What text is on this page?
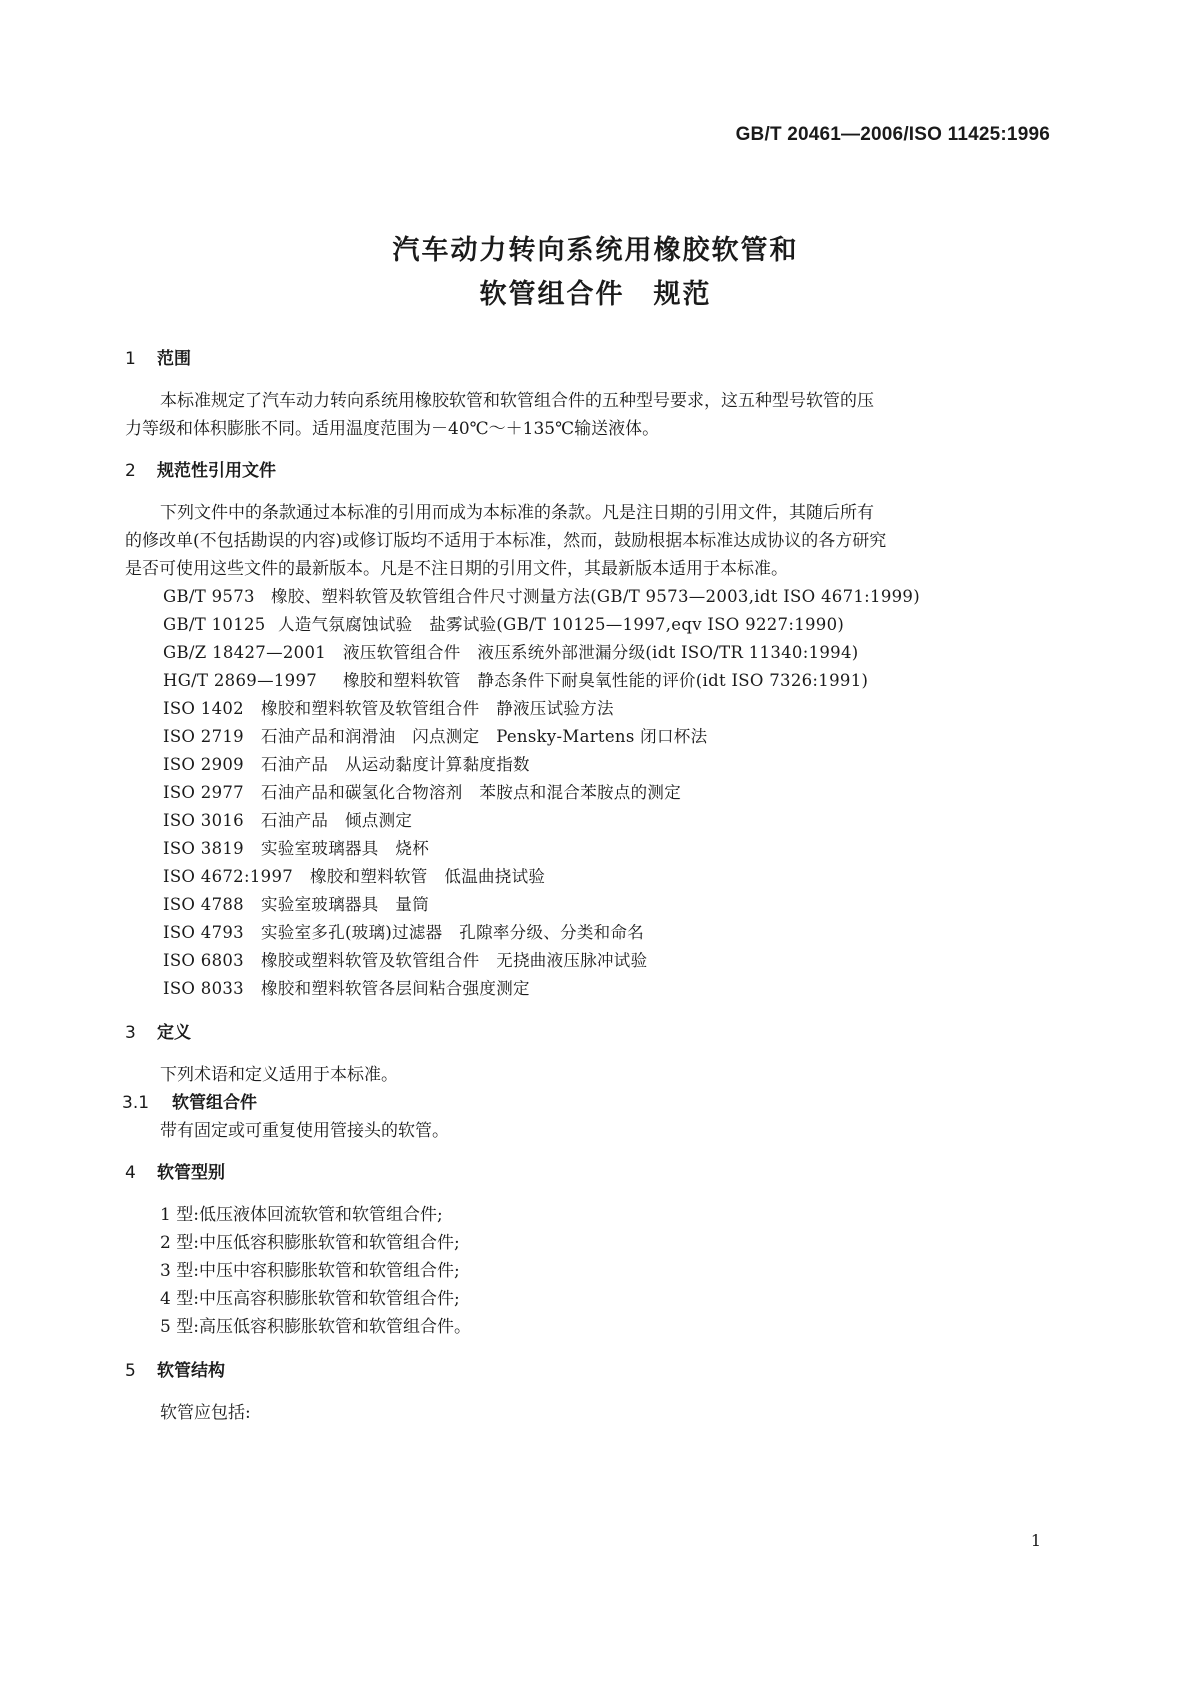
GB/T 20461—2006/ISO 11425:1996
汽车动力转向系统用橡胶软管和
软管组合件　规范
1 范围
本标准规定了汽车动力转向系统用橡胶软管和软管组合件的五种型号要求，这五种型号软管的压
力等级和体积膨胀不同。适用温度范围为－40℃～＋135℃输送液体。
2 规范性引用文件
下列文件中的条款通过本标准的引用而成为本标准的条款。凡是注日期的引用文件，其随后所有
的修改单(不包括勘误的内容)或修订版均不适用于本标准，然而，鼓励根据本标准达成协议的各方研究
是否可使用这些文件的最新版本。凡是不注日期的引用文件，其最新版本适用于本标准。
GB/T 9573 橡胶、塑料软管及软管组合件尺寸测量方法(GB/T 9573—2003,idt ISO 4671:1999)
GB/T 10125 人造气氛腐蚀试验　盐雾试验(GB/T 10125—1997,eqv ISO 9227:1990)
GB/Z 18427—2001 液压软管组合件　液压系统外部泄漏分级(idt ISO/TR 11340:1994)
HG/T 2869—1997 橡胶和塑料软管　静态条件下耐臭氧性能的评价(idt ISO 7326:1991)
ISO 1402 橡胶和塑料软管及软管组合件　静液压试验方法
ISO 2719 石油产品和润滑油　闪点测定　Pensky-Martens 闭口杯法
ISO 2909 石油产品　从运动黏度计算黏度指数
ISO 2977 石油产品和碳氢化合物溶剂　苯胺点和混合苯胺点的测定
ISO 3016 石油产品　倾点测定
ISO 3819 实验室玻璃器具　烧杯
ISO 4672:1997 橡胶和塑料软管　低温曲挠试验
ISO 4788 实验室玻璃器具　量筒
ISO 4793 实验室多孔(玻璃)过滤器　孔隙率分级、分类和命名
ISO 6803 橡胶或塑料软管及软管组合件　无挠曲液压脉冲试验
ISO 8033 橡胶和塑料软管各层间粘合强度测定
3 定义
下列术语和定义适用于本标准。
3.1 软管组合件
带有固定或可重复使用管接头的软管。
4 软管型别
1 型:低压液体回流软管和软管组合件;
2 型:中压低容积膨胀软管和软管组合件;
3 型:中压中容积膨胀软管和软管组合件;
4 型:中压高容积膨胀软管和软管组合件;
5 型:高压低容积膨胀软管和软管组合件。
5 软管结构
软管应包括:
1
